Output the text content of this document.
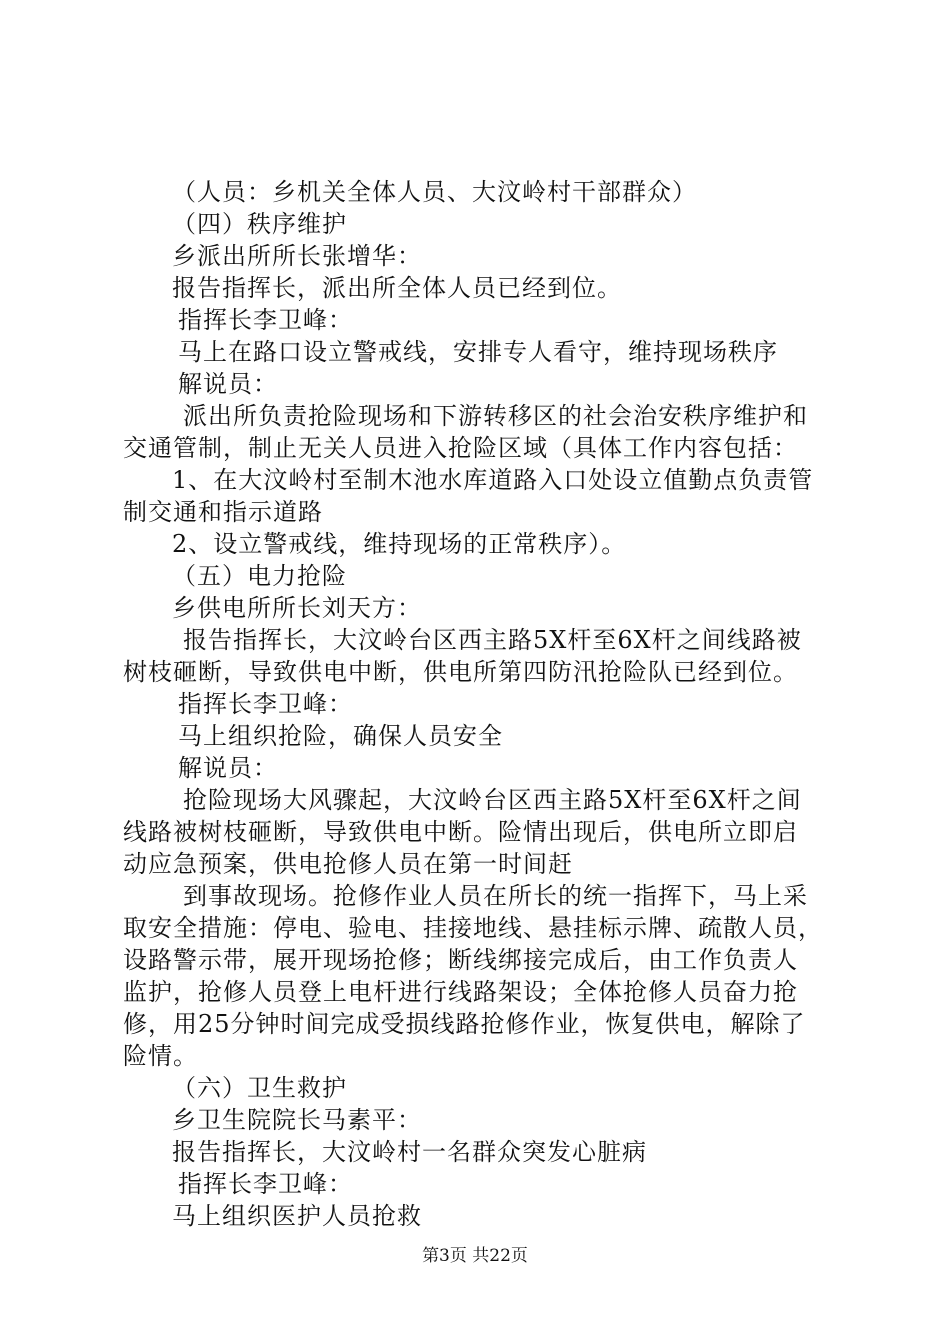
（人员：乡机关全体人员、大汶岭村干部群众）
（四）秩序维护
乡派出所所长张增华：
报告指挥长，派出所全体人员已经到位。
指挥长李卫峰：
马上在路口设立警戒线，安排专人看守，维持现场秩序
解说员：
派出所负责抢险现场和下游转移区的社会治安秩序维护和
交通管制，制止无关人员进入抢险区域（具体工作内容包括：
1、在大汶岭村至制木池水库道路入口处设立值勤点负责管
制交通和指示道路
2、设立警戒线，维持现场的正常秩序）。
（五）电力抢险
乡供电所所长刘天方：
报告指挥长，大汶岭台区西主路5X杆至6X杆之间线路被
树枝砸断，导致供电中断，供电所第四防汛抢险队已经到位。
指挥长李卫峰：
马上组织抢险，确保人员安全
解说员：
抢险现场大风骤起，大汶岭台区西主路5X杆至6X杆之间
线路被树枝砸断，导致供电中断。险情出现后，供电所立即启
动应急预案，供电抢修人员在第一时间赶
到事故现场。抢修作业人员在所长的统一指挥下，马上采
取安全措施：停电、验电、挂接地线、悬挂标示牌、疏散人员，
设路警示带，展开现场抢修；断线绑接完成后，由工作负责人
监护，抢修人员登上电杆进行线路架设；全体抢修人员奋力抢
修，用25分钟时间完成受损线路抢修作业，恢复供电，解除了
险情。
（六）卫生救护
乡卫生院院长马素平：
报告指挥长，大汶岭村一名群众突发心脏病
指挥长李卫峰：
马上组织医护人员抢救
第3页 共22页
